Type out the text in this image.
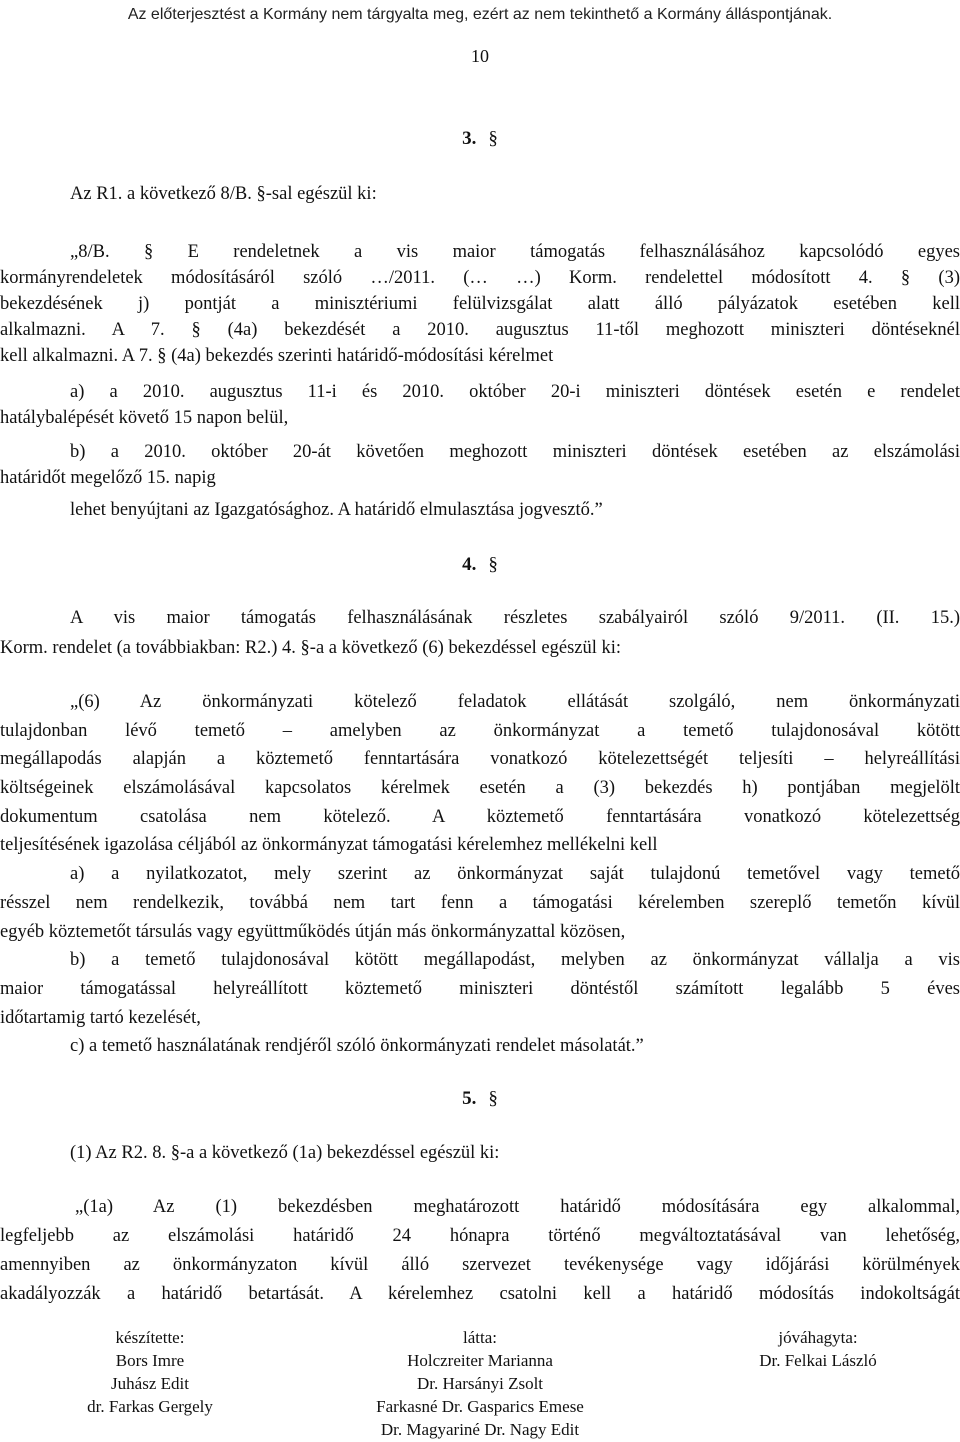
Az előterjesztést a Kormány nem tárgyalta meg, ezért az nem tekinthető a Kormány álláspontjának.
10
3. §
Az R1. a következő 8/B. §-sal egészül ki:
„8/B. § E rendeletnek a vis maior támogatás felhasználásához kapcsolódó egyes
kormányrendeletek módosításáról szóló …/2011. (… …) Korm. rendelettel módosított 4. § (3)
bekezdésének j) pontját a minisztériumi felülvizsgálat alatt álló pályázatok esetében kell
alkalmazni. A 7. § (4a) bekezdését a 2010. augusztus 11-től meghozott miniszteri döntéseknél
kell alkalmazni. A 7. § (4a) bekezdés szerinti határidő-módosítási kérelmet
a) a 2010. augusztus 11-i és 2010. október 20-i miniszteri döntések esetén e rendelet
hatálybalépését követő 15 napon belül,
b) a 2010. október 20-át követően meghozott miniszteri döntések esetében az elszámolási
határidőt megelőző 15. napig
lehet benyújtani az Igazgatósághoz. A határidő elmulasztása jogvesztő.”
4. §
A vis maior támogatás felhasználásának részletes szabályairól szóló 9/2011. (II. 15.)
Korm. rendelet (a továbbiakban: R2.) 4. §-a a következő (6) bekezdéssel egészül ki:
„(6) Az önkormányzati kötelező feladatok ellátását szolgáló, nem önkormányzati
tulajdonban lévő temető – amelyben az önkormányzat a temető tulajdonosával kötött
megállapodás alapján a köztemető fenntartására vonatkozó kötelezettségét teljesíti – helyreállítási
költségeinek elszámolásával kapcsolatos kérelmek esetén a (3) bekezdés h) pontjában megjelölt
dokumentum csatolása nem kötelező. A köztemető fenntartására vonatkozó kötelezettség
teljesítésének igazolása céljából az önkormányzat támogatási kérelemhez mellékelni kell
a) a nyilatkozatot, mely szerint az önkormányzat saját tulajdonú temetővel vagy temető
résszel nem rendelkezik, továbbá nem tart fenn a támogatási kérelemben szereplő temetőn kívül
egyéb köztemetőt társulás vagy együttműködés útján más önkormányzattal közösen,
b) a temető tulajdonosával kötött megállapodást, melyben az önkormányzat vállalja a vis
maior támogatással helyreállított köztemető miniszteri döntéstől számított legalább 5 éves
időtartamig tartó kezelését,
c) a temető használatának rendjéről szóló önkormányzati rendelet másolatát.”
5. §
(1) Az R2. 8. §-a a következő (1a) bekezdéssel egészül ki:
„(1a) Az (1) bekezdésben meghatározott határidő módosítására egy alkalommal,
legfeljebb az elszámolási határidő 24 hónapra történő megváltoztatásával van lehetőség,
amennyiben az önkormányzaton kívül álló szervezet tevékenysége vagy időjárási körülmények
akadályozzák a határidő betartását. A kérelemhez csatolni kell a határidő módosítás indokoltságát
készítette:
Bors Imre
Juhász Edit
dr. Farkas Gergely
látta:
Holczreiter Marianna
Dr. Harsányi Zsolt
Farkasné Dr. Gasparics Emese
Dr. Magyariné Dr. Nagy Edit
jóváhagyta:
Dr. Felkai László
